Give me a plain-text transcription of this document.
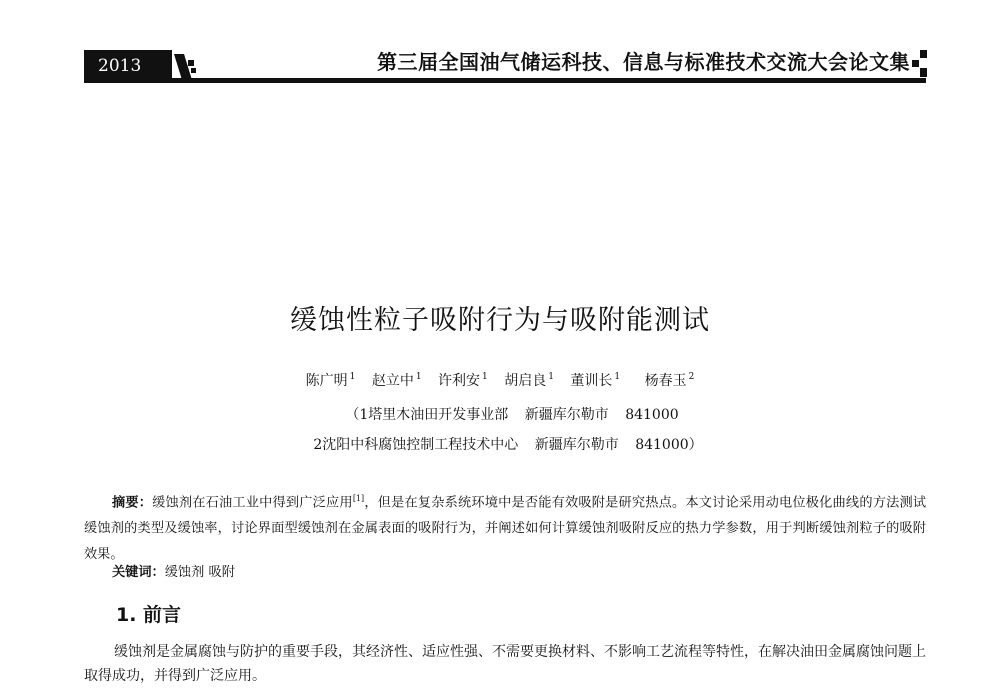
2013	第三届全国油气储运科技、信息与标准技术交流大会论文集
缓蚀性粒子吸附行为与吸附能测试
陈广明 $^1$ 赵立中 $^1$ 许利安 $^1$ 胡启良 $^1$ 董训长 $^1$ 杨春玉 $^2$
（1塔里木油田开发事业部 新疆库尔勒市 841000
2沈阳中科腐蚀控制工程技术中心 新疆库尔勒市 841000）
摘要：缓蚀剂在石油工业中得到广泛应用[1]，但是在复杂系统环境中是否能有效吸附是研究热点。本文讨论采用动电位极化曲线的方法测试缓蚀剂的类型及缓蚀率，讨论界面型缓蚀剂在金属表面的吸附行为，并阐述如何计算缓蚀剂吸附反应的热力学参数，用于判断缓蚀剂粒子的吸附效果。
关键词：缓蚀剂 吸附
1. 前言
缓蚀剂是金属腐蚀与防护的重要手段，其经济性、适应性强、不需要更换材料、不影响工艺流程等特性，在解决油田金属腐蚀问题上取得成功，并得到广泛应用。
